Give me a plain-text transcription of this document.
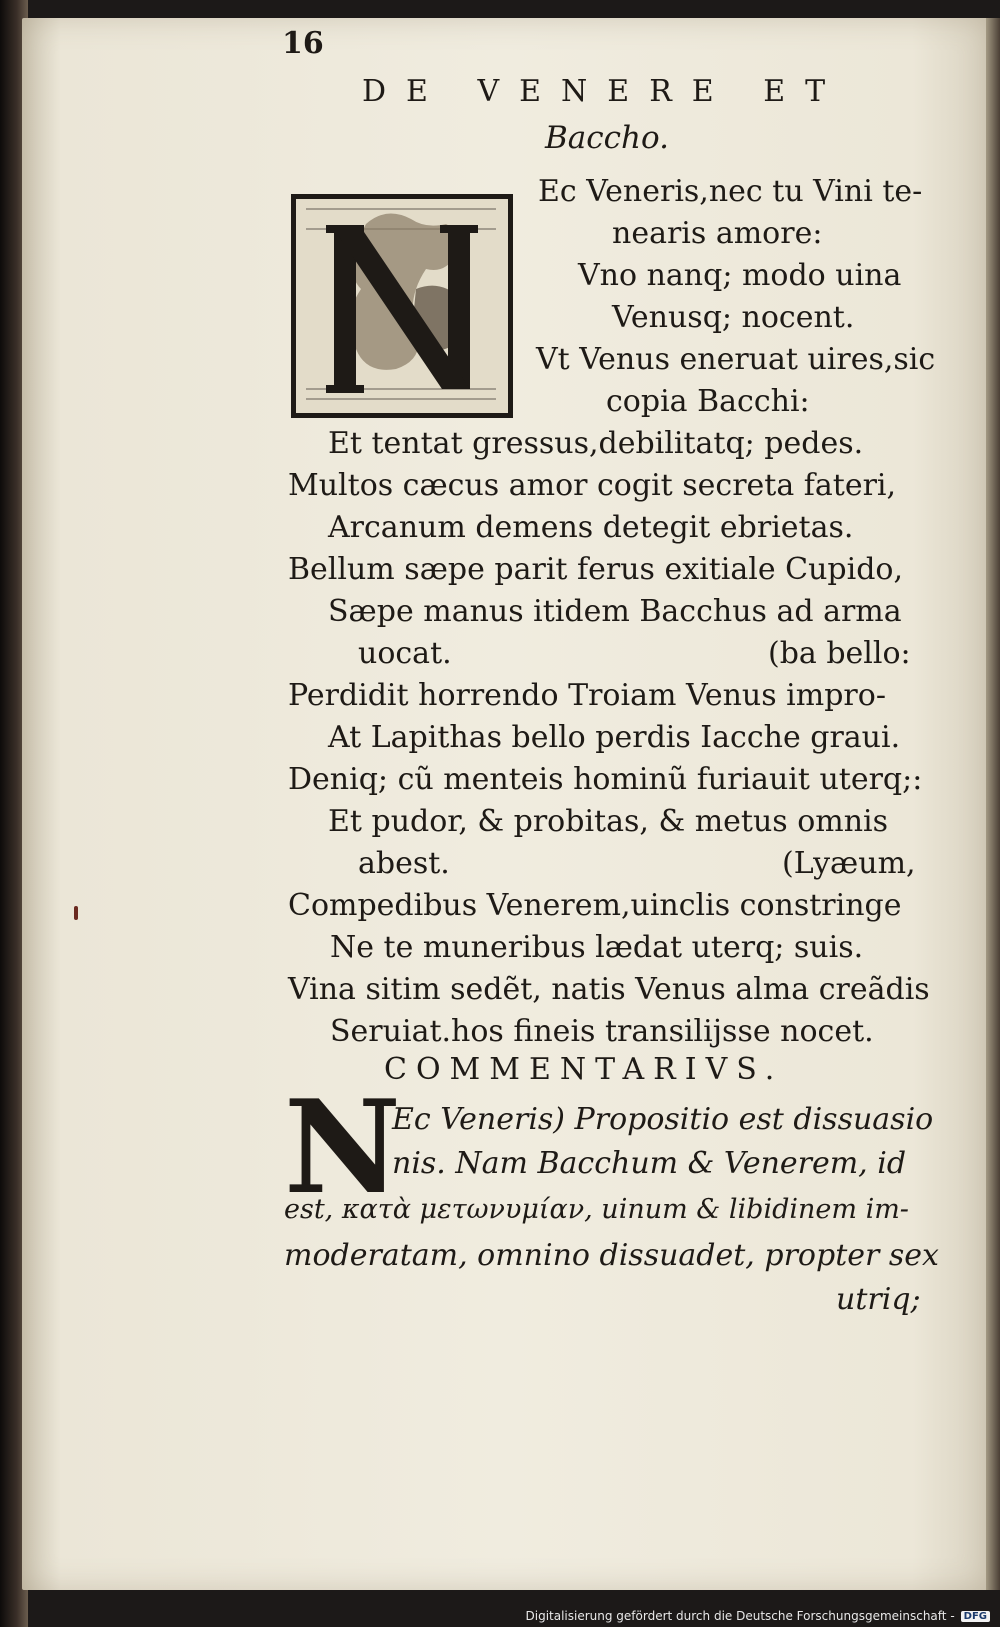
16
DE VENERE ET
Baccho.
Ec Veneris,nec tu Vini te-
nearis amore:
Vno nanq; modo uina
Venusq; nocent.
Vt Venus eneruat uires,sic
copia Bacchi:
Et tentat gressus,debilitatq; pedes.
Multos cæcus amor cogit secreta fateri,
Arcanum demens detegit ebrietas.
Bellum sæpe parit ferus exitiale Cupido,
Sæpe manus itidem Bacchus ad arma
uocat.	(ba bello:
Perdidit horrendo Troiam Venus impro-
At Lapithas bello perdis Iacche graui.
Deniq; cũ menteis hominũ furiauit uterq;:
Et pudor, & probitas, & metus omnis
abest.	(Lyæum,
Compedibus Venerem,uinclis constringe
Ne te muneribus lædat uterq; suis.
Vina sitim sedẽt, natis Venus alma creãdis
Seruiat.hos fineis transilijsse nocet.
COMMENTARIVS.
N
Ec Veneris) Propositio est dissuasio
nis. Nam Bacchum & Venerem, id
est, κατὰ μετωνυμίαν, uinum & libidinem im-
moderatam, omnino dissuadet, propter sex
utriq;
Digitalisierung gefördert durch die Deutsche Forschungsgemeinschaft - DFG
